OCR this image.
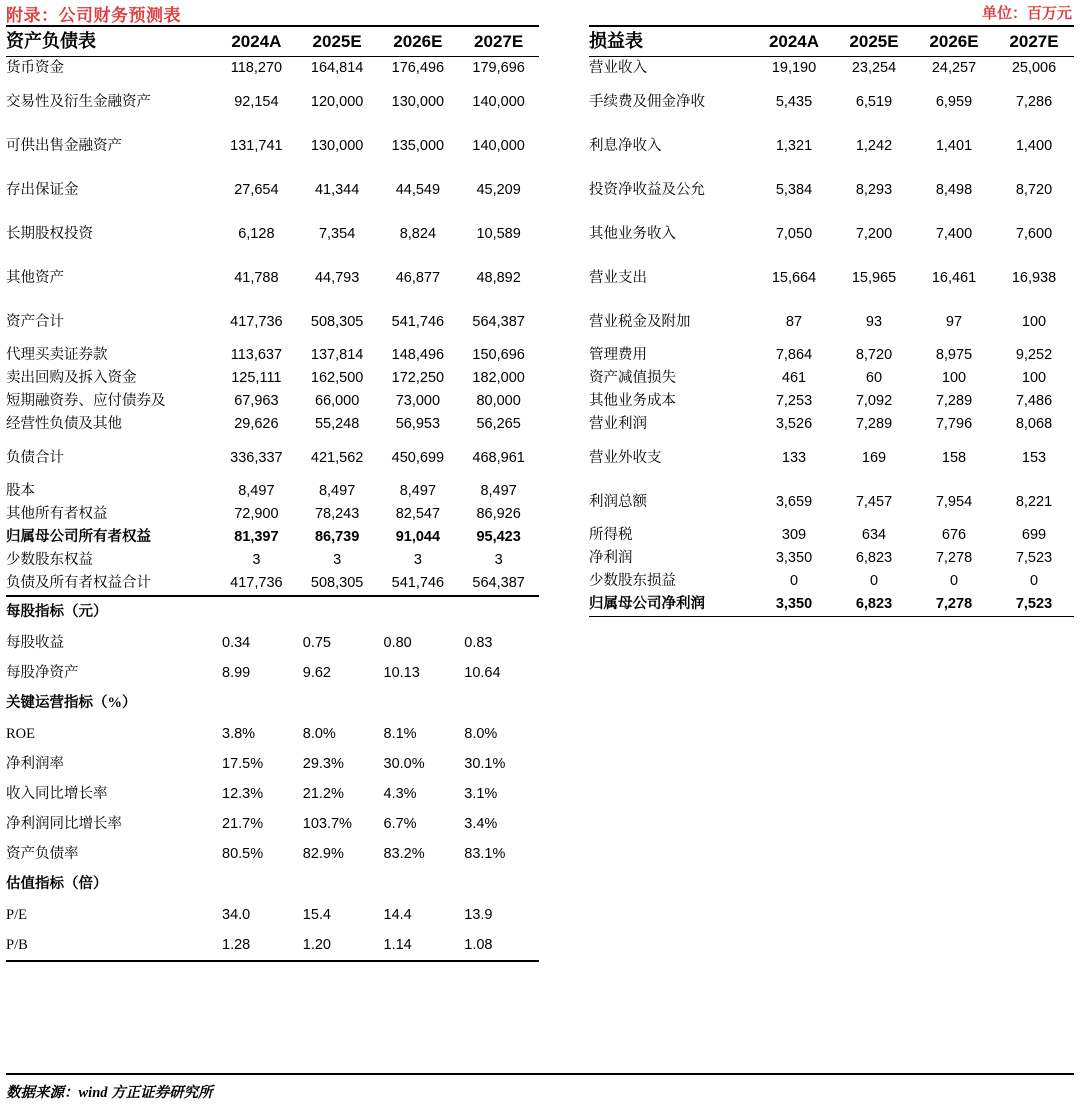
附录：公司财务预测表	单位：百万元
资产负债表	2024A	2025E	2026E	2027E
货币资金	118,270	164,814	176,496	179,696
交易性及衍生金融资产	92,154	120,000	130,000	140,000
可供出售金融资产	131,741	130,000	135,000	140,000
存出保证金	27,654	41,344	44,549	45,209
长期股权投资	6,128	7,354	8,824	10,589
其他资产	41,788	44,793	46,877	48,892
资产合计	417,736	508,305	541,746	564,387
代理买卖证券款	113,637	137,814	148,496	150,696
卖出回购及拆入资金	125,111	162,500	172,250	182,000
短期融资券、应付债券及	67,963	66,000	73,000	80,000
经营性负债及其他	29,626	55,248	56,953	56,265
负债合计	336,337	421,562	450,699	468,961
股本	8,497	8,497	8,497	8,497
其他所有者权益	72,900	78,243	82,547	86,926
归属母公司所有者权益	81,397	86,739	91,044	95,423
少数股东权益	3	3	3	3
负债及所有者权益合计	417,736	508,305	541,746	564,387
每股指标（元）				
每股收益	0.34	0.75	0.80	0.83
每股净资产	8.99	9.62	10.13	10.64
关键运营指标（%）				
ROE	3.8%	8.0%	8.1%	8.0%
净利润率	17.5%	29.3%	30.0%	30.1%
收入同比增长率	12.3%	21.2%	4.3%	3.1%
净利润同比增长率	21.7%	103.7%	6.7%	3.4%
资产负债率	80.5%	82.9%	83.2%	83.1%
估值指标（倍）				
P/E	34.0	15.4	14.4	13.9
P/B	1.28	1.20	1.14	1.08
损益表	2024A	2025E	2026E	2027E
营业收入	19,190	23,254	24,257	25,006
手续费及佣金净收	5,435	6,519	6,959	7,286
利息净收入	1,321	1,242	1,401	1,400
投资净收益及公允	5,384	8,293	8,498	8,720
其他业务收入	7,050	7,200	7,400	7,600
营业支出	15,664	15,965	16,461	16,938
营业税金及附加	87	93	97	100
管理费用	7,864	8,720	8,975	9,252
资产减值损失	461	60	100	100
其他业务成本	7,253	7,092	7,289	7,486
营业利润	3,526	7,289	7,796	8,068
营业外收支	133	169	158	153
利润总额	3,659	7,457	7,954	8,221
所得税	309	634	676	699
净利润	3,350	6,823	7,278	7,523
少数股东损益	0	0	0	0
归属母公司净利润	3,350	6,823	7,278	7,523
数据来源：wind 方正证券研究所
